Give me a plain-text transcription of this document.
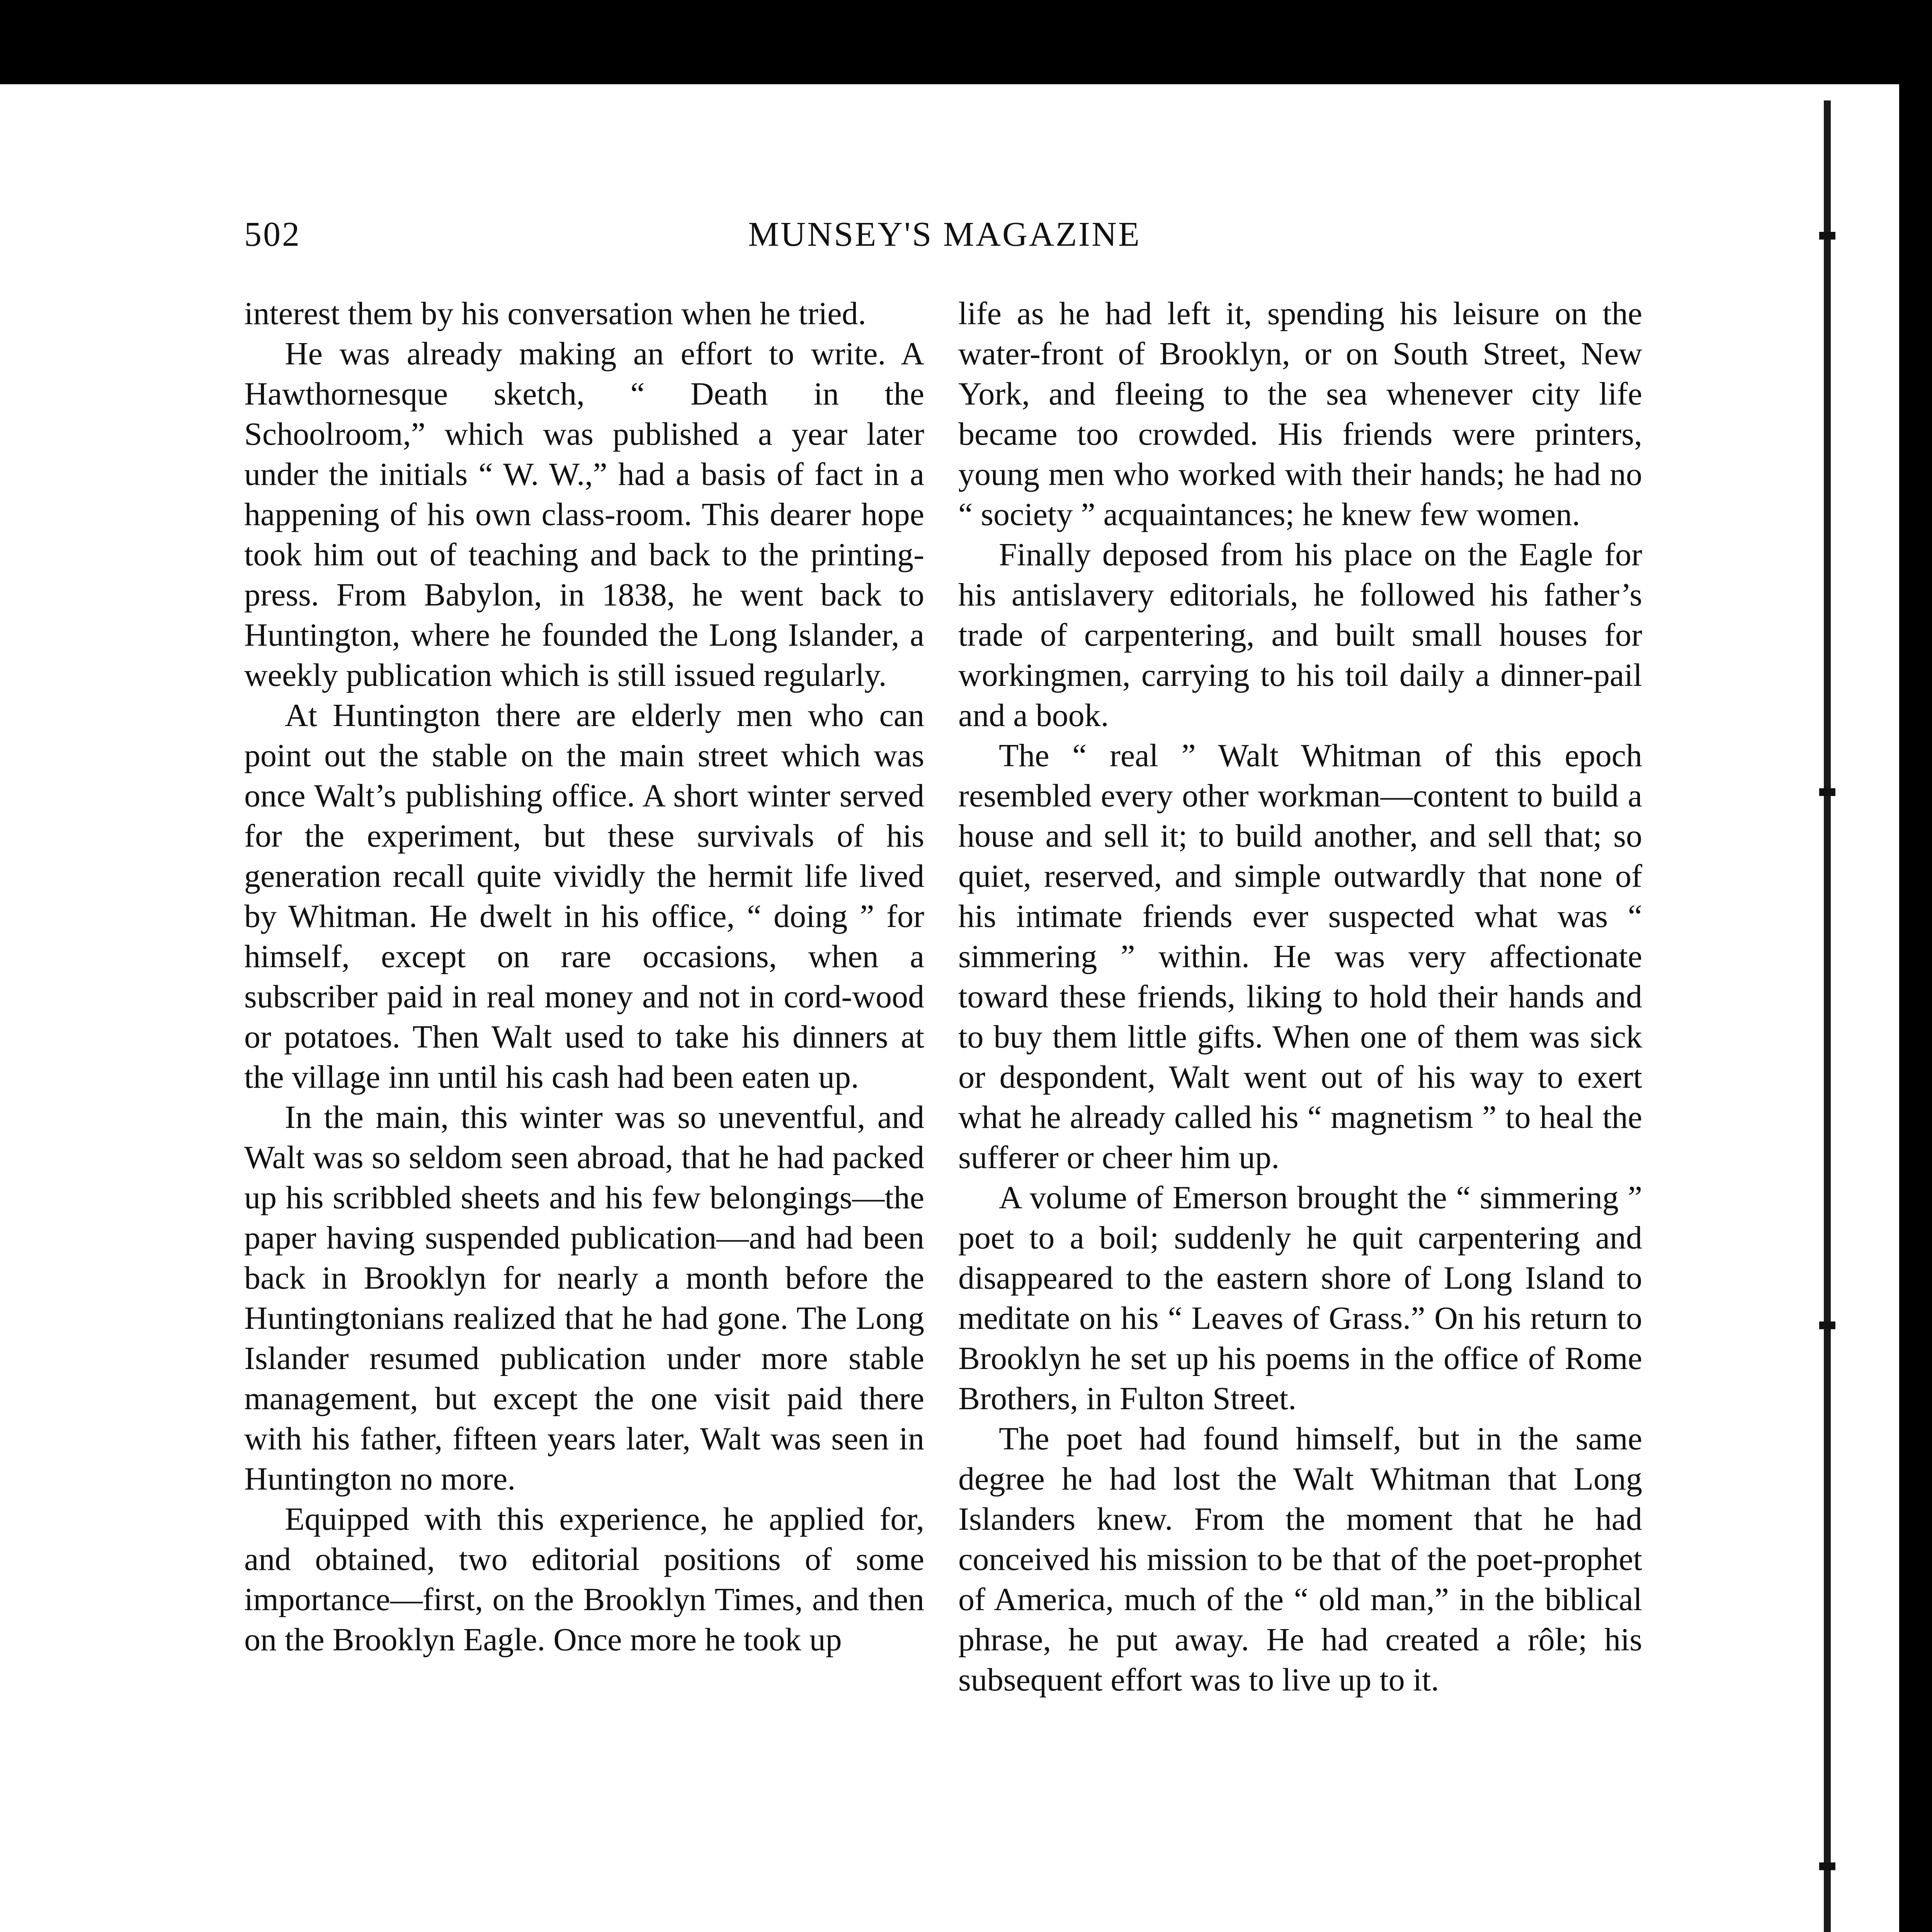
502	MUNSEY'S MAGAZINE

interest them by his conversation when he tried.

He was already making an effort to write. A Hawthornesque sketch, “ Death in the Schoolroom,” which was published a year later under the initials “ W. W.,” had a basis of fact in a happening of his own class-room. This dearer hope took him out of teaching and back to the printing-press. From Babylon, in 1838, he went back to Huntington, where he founded the Long Islander, a weekly publication which is still issued regularly.

At Huntington there are elderly men who can point out the stable on the main street which was once Walt’s publishing office. A short winter served for the experiment, but these survivals of his generation recall quite vividly the hermit life lived by Whitman. He dwelt in his office, “ doing ” for himself, except on rare occasions, when a subscriber paid in real money and not in cord-wood or potatoes. Then Walt used to take his dinners at the village inn until his cash had been eaten up.

In the main, this winter was so uneventful, and Walt was so seldom seen abroad, that he had packed up his scribbled sheets and his few belongings—the paper having suspended publication—and had been back in Brooklyn for nearly a month before the Huntingtonians realized that he had gone. The Long Islander resumed publication under more stable management, but except the one visit paid there with his father, fifteen years later, Walt was seen in Huntington no more.

Equipped with this experience, he applied for, and obtained, two editorial positions of some importance—first, on the Brooklyn Times, and then on the Brooklyn Eagle. Once more he took up

life as he had left it, spending his leisure on the water-front of Brooklyn, or on South Street, New York, and fleeing to the sea whenever city life became too crowded. His friends were printers, young men who worked with their hands; he had no “ society ” acquaintances; he knew few women.

Finally deposed from his place on the Eagle for his antislavery editorials, he followed his father’s trade of carpentering, and built small houses for workingmen, carrying to his toil daily a dinner-pail and a book.

The “ real ” Walt Whitman of this epoch resembled every other workman—content to build a house and sell it; to build another, and sell that; so quiet, reserved, and simple outwardly that none of his intimate friends ever suspected what was “ simmering ” within. He was very affectionate toward these friends, liking to hold their hands and to buy them little gifts. When one of them was sick or despondent, Walt went out of his way to exert what he already called his “ magnetism ” to heal the sufferer or cheer him up.

A volume of Emerson brought the “ simmering ” poet to a boil; suddenly he quit carpentering and disappeared to the eastern shore of Long Island to meditate on his “ Leaves of Grass.” On his return to Brooklyn he set up his poems in the office of Rome Brothers, in Fulton Street.

The poet had found himself, but in the same degree he had lost the Walt Whitman that Long Islanders knew. From the moment that he had conceived his mission to be that of the poet-prophet of America, much of the “ old man,” in the biblical phrase, he put away. He had created a rôle; his subsequent effort was to live up to it.
